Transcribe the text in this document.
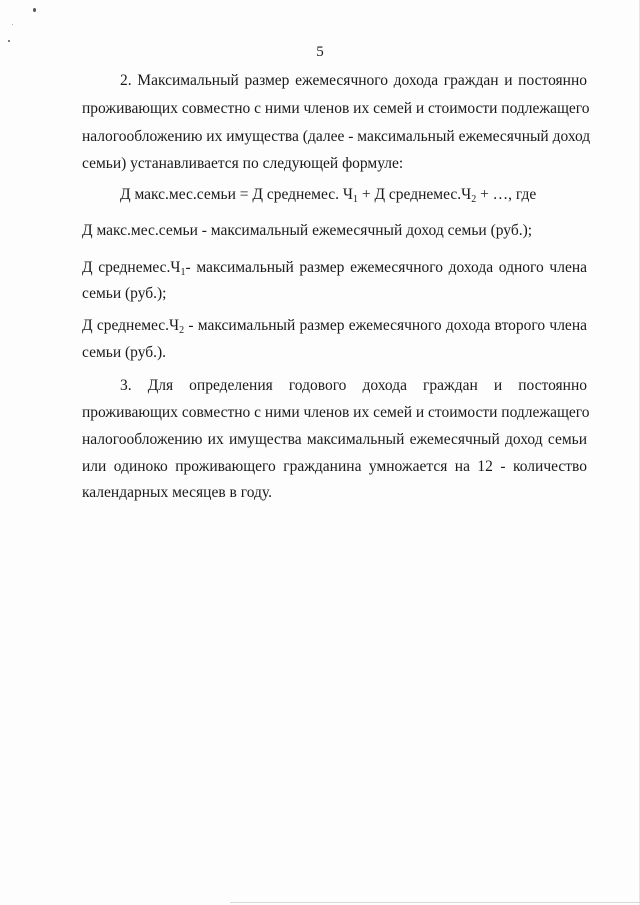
5
2. Максимальный размер ежемесячного дохода граждан и постоянно
проживающих совместно с ними членов их семей и стоимости подлежащего
налогообложению их имущества (далее - максимальный ежемесячный доход
семьи) устанавливается по следующей формуле:
Д макс.мес.семьи = Д среднемес. $Ч_1 + Д$ $среднемес.Ч_2$ + …, где
Д макс.мес.семьи - максимальный ежемесячный доход семьи (руб.);
Д $среднемес.Ч_1-$ максимальный размер ежемесячного дохода одного члена
семьи (руб.);
Д $среднемес.Ч_2$ - максимальный размер ежемесячного дохода второго члена
семьи (руб.).
3.    Для    определения    годового    дохода    граждан    и    постоянно
проживающих совместно с ними членов их семей и стоимости подлежащего
налогообложению их имущества максимальный ежемесячный доход семьи
или одиноко проживающего гражданина умножается на 12 - количество
календарных месяцев в году.
